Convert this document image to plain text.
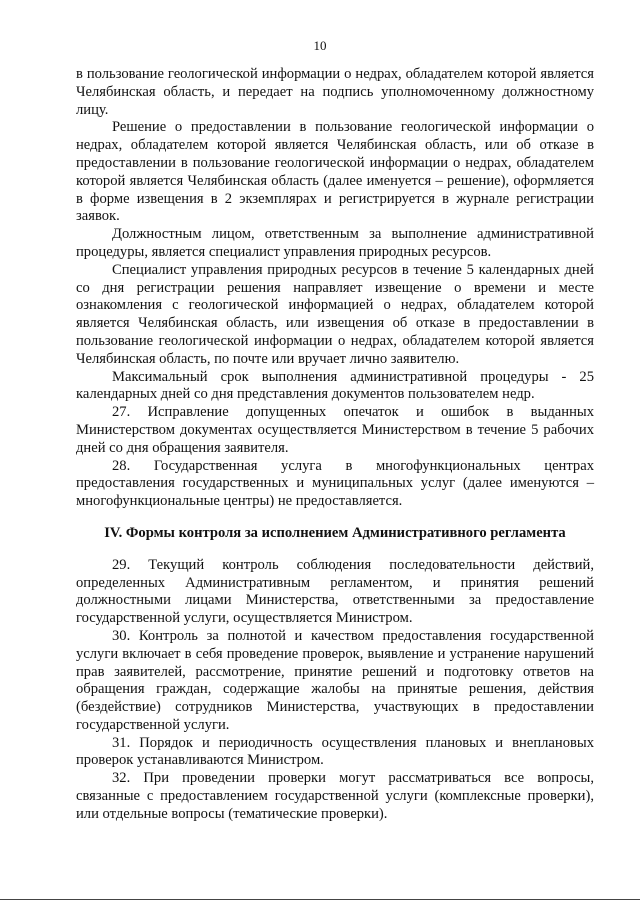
10

в пользование геологической информации о недрах, обладателем которой является Челябинская область, и передает на подпись уполномоченному должностному лицу.

Решение о предоставлении в пользование геологической информации о недрах, обладателем которой является Челябинская область, или об отказе в предоставлении в пользование геологической информации о недрах, обладателем которой является Челябинская область (далее именуется – решение), оформляется в форме извещения в 2 экземплярах и регистрируется в журнале регистрации заявок.

Должностным лицом, ответственным за выполнение административной процедуры, является специалист управления природных ресурсов.

Специалист управления природных ресурсов в течение 5 календарных дней со дня регистрации решения направляет извещение о времени и месте ознакомления с геологической информацией о недрах, обладателем которой является Челябинская область, или извещения об отказе в предоставлении в пользование геологической информации о недрах, обладателем которой является Челябинская область, по почте или вручает лично заявителю.

Максимальный срок выполнения административной процедуры - 25 календарных дней со дня представления документов пользователем недр.

27. Исправление допущенных опечаток и ошибок в выданных Министерством документах осуществляется Министерством в течение 5 рабочих дней со дня обращения заявителя.

28. Государственная услуга в многофункциональных центрах предоставления государственных и муниципальных услуг (далее именуются – многофункциональные центры) не предоставляется.

IV. Формы контроля за исполнением Административного регламента

29. Текущий контроль соблюдения последовательности действий, определенных Административным регламентом, и принятия решений должностными лицами Министерства, ответственными за предоставление государственной услуги, осуществляется Министром.

30. Контроль за полнотой и качеством предоставления государственной услуги включает в себя проведение проверок, выявление и устранение нарушений прав заявителей, рассмотрение, принятие решений и подготовку ответов на обращения граждан, содержащие жалобы на принятые решения, действия (бездействие) сотрудников Министерства, участвующих в предоставлении государственной услуги.

31. Порядок и периодичность осуществления плановых и внеплановых проверок устанавливаются Министром.

32. При проведении проверки могут рассматриваться все вопросы, связанные с предоставлением государственной услуги (комплексные проверки), или отдельные вопросы (тематические проверки).
